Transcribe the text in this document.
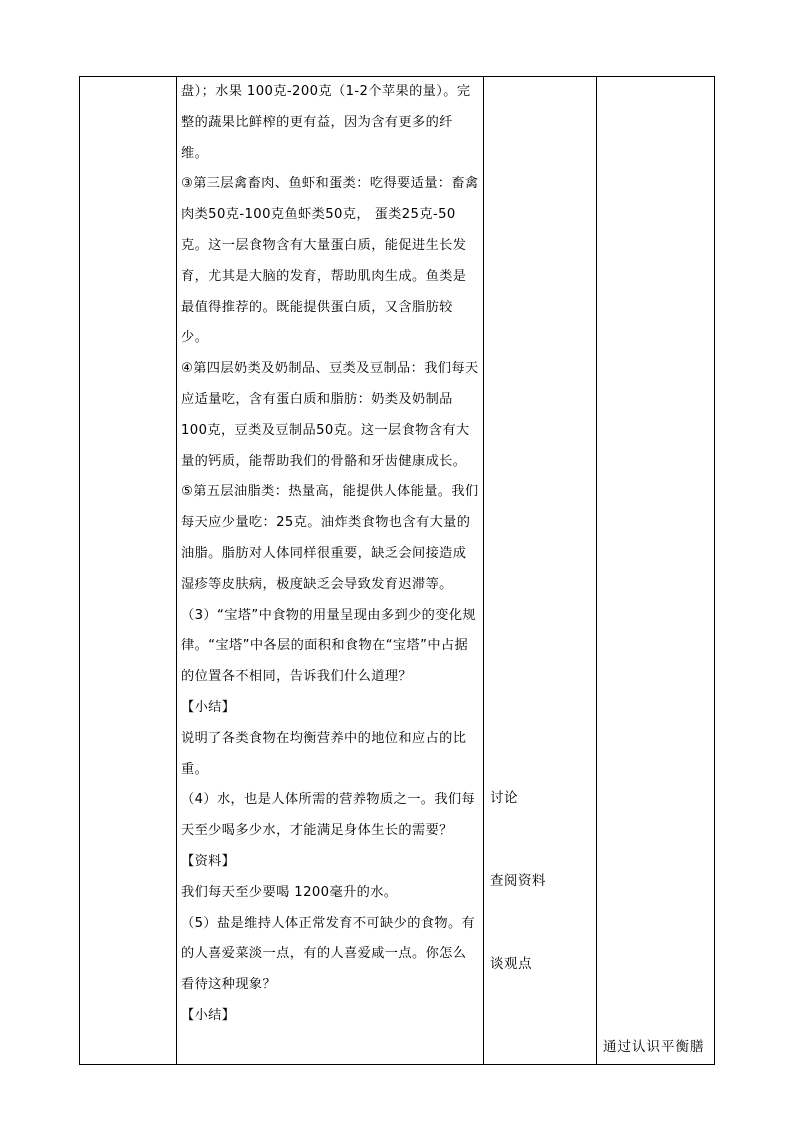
盘）；水果 100克-200克（1-2个苹果的量）。完整的蔬果比鲜榨的更有益，因为含有更多的纤维。

③第三层禽畜肉、鱼虾和蛋类：吃得要适量：畜禽肉类50克-100克鱼虾类50克， 蛋类25克-50克。这一层食物含有大量蛋白质，能促进生长发育，尤其是大脑的发育，帮助肌肉生成。鱼类是最值得推荐的。既能提供蛋白质，又含脂肪较少。

④第四层奶类及奶制品、豆类及豆制品：我们每天应适量吃，含有蛋白质和脂肪：奶类及奶制品100克，豆类及豆制品50克。这一层食物含有大量的钙质，能帮助我们的骨骼和牙齿健康成长。

⑤第五层油脂类：热量高，能提供人体能量。我们每天应少量吃：25克。油炸类食物也含有大量的油脂。脂肪对人体同样很重要，缺乏会间接造成湿疹等皮肤病，极度缺乏会导致发育迟滞等。

（3）“宝塔”中食物的用量呈现由多到少的变化规律。“宝塔”中各层的面积和食物在“宝塔”中占据的位置各不相同，告诉我们什么道理？

【小结】

说明了各类食物在均衡营养中的地位和应占的比重。

（4）水，也是人体所需的营养物质之一。我们每天至少喝多少水，才能满足身体生长的需要？

【资料】

我们每天至少要喝 1200毫升的水。

（5）盐是维持人体正常发育不可缺少的食物。有的人喜爱菜淡一点，有的人喜爱咸一点。你怎么看待这种现象？

【小结】

讨论
查阅资料
谈观点
通过认识平衡膳
